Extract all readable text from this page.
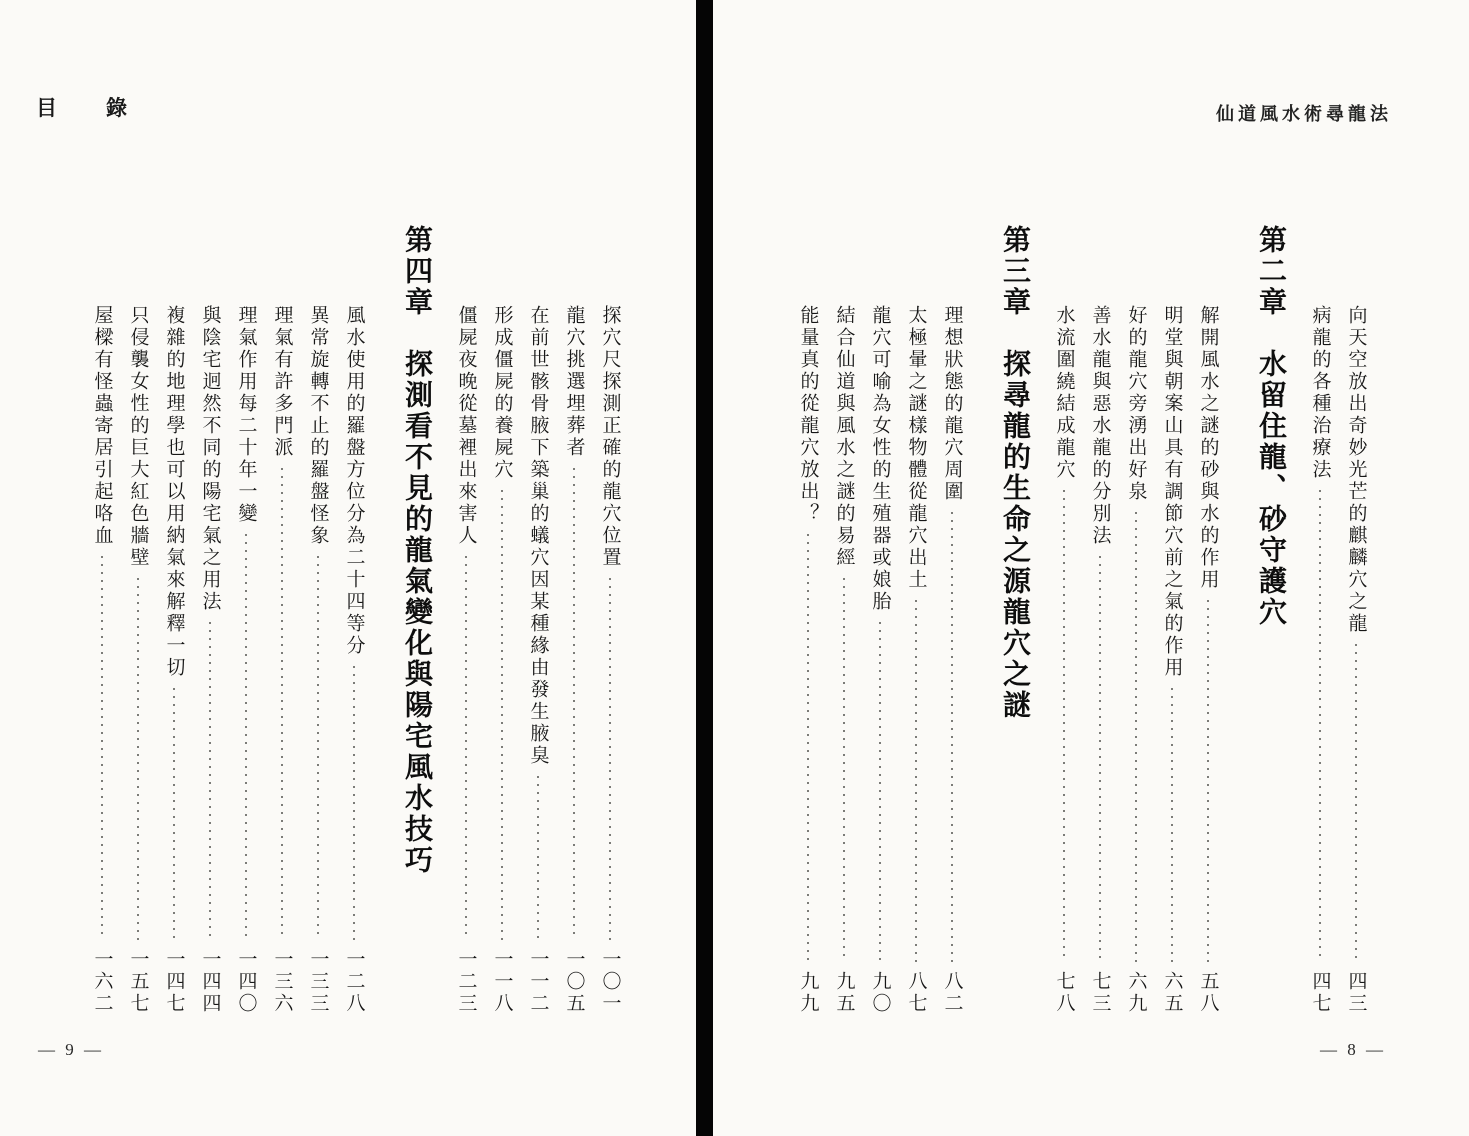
目　錄	仙道風水術尋龍法
探穴尺探測正確的龍穴位置
一〇一
龍穴挑選埋葬者
一〇五
在前世骸骨腋下築巢的蟻穴因某種緣由發生腋臭
一一二
形成僵屍的養屍穴
一一八
僵屍夜晚從墓裡出來害人
一二三
第四章　探測看不見的龍氣變化與陽宅風水技巧
風水使用的羅盤方位分為二十四等分
一二八
異常旋轉不止的羅盤怪象
一三三
理氣有許多門派
一三六
理氣作用每二十年一變
一四〇
與陰宅迥然不同的陽宅氣之用法
一四四
複雜的地理學也可以用納氣來解釋一切
一四七
只侵襲女性的巨大紅色牆壁
一五七
屋樑有怪蟲寄居引起咯血
一六二
向天空放出奇妙光芒的麒麟穴之龍
四三
病龍的各種治療法
四七
第二章　水留住龍、砂守護穴
解開風水之謎的砂與水的作用
五八
明堂與朝案山具有調節穴前之氣的作用
六五
好的龍穴旁湧出好泉
六九
善水龍與惡水龍的分別法
七三
水流圍繞結成龍穴
七八
第三章　探尋龍的生命之源龍穴之謎
理想狀態的龍穴周圍
八二
太極暈之謎樣物體從龍穴出土
八七
龍穴可喻為女性的生殖器或娘胎
九〇
結合仙道與風水之謎的易經
九五
能量真的從龍穴放出？
九九
— 9 —	— 8 —
